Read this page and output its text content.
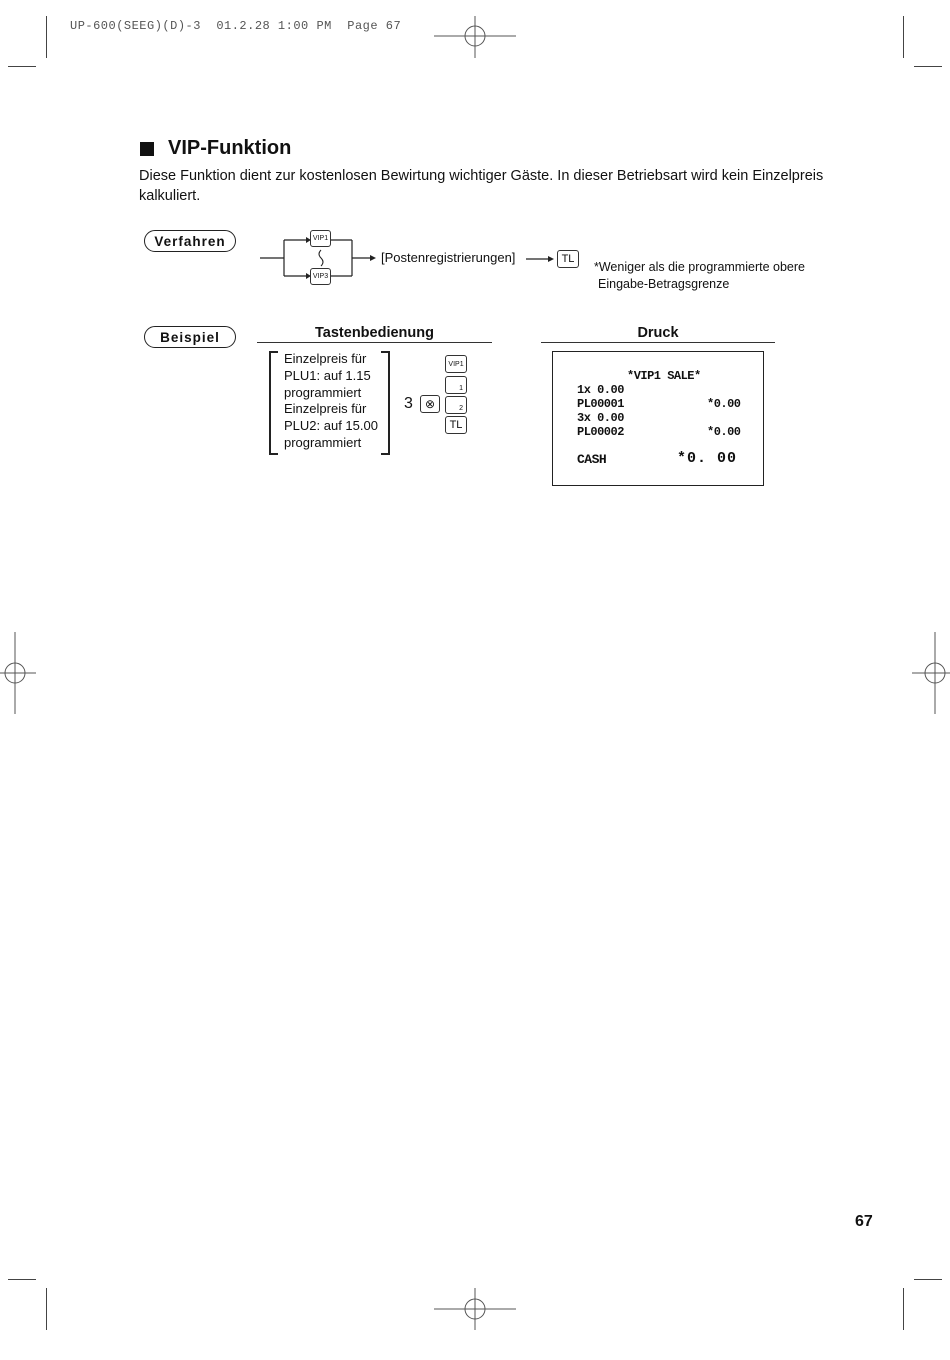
UP-600(SEEG)(D)-3  01.2.28 1:00 PM  Page 67
VIP-Funktion
Diese Funktion dient zur kostenlosen Bewirtung wichtiger Gäste. In dieser Betriebsart wird kein Einzelpreis kalkuliert.
Verfahren	VIP1
VIP3
[Postenregistrierungen]	TL
*Weniger als die programmierte obere
Eingabe-Betragsgrenze
Beispiel	Tastenbedienung	Druck
Einzelpreis für
PLU1: auf 1.15
programmiert
Einzelpreis für
PLU2: auf 15.00
programmiert
3 ⊗
VIP1
1
2
TL
*VIP1 SALE*
1x 0.00
PL00001	*0.00
3x 0.00
PL00002	*0.00
CASH	*0. 00
67
